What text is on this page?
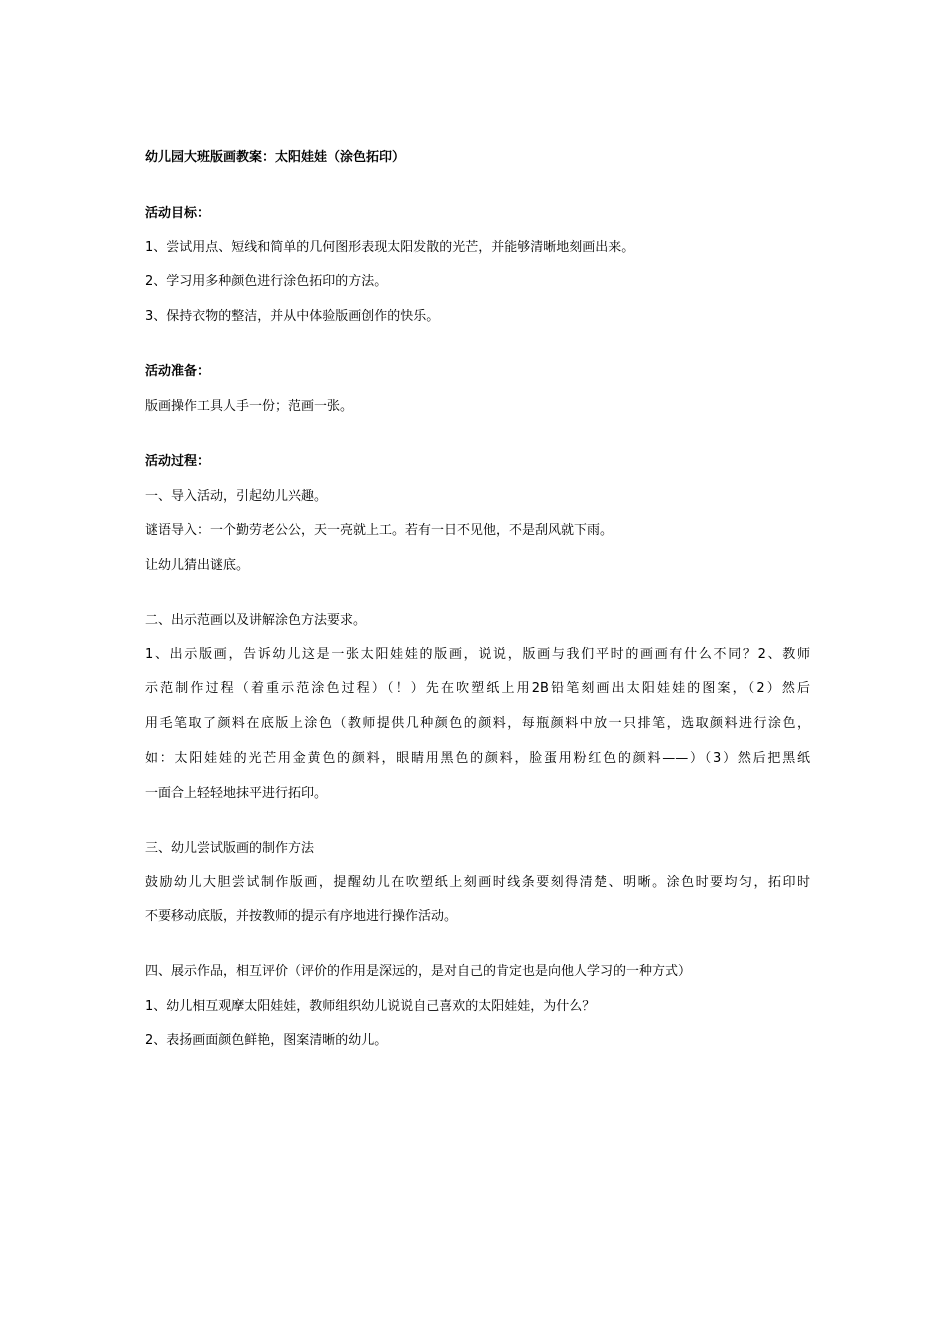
幼儿园大班版画教案：太阳娃娃（涂色拓印）
活动目标：
1、尝试用点、短线和简单的几何图形表现太阳发散的光芒，并能够清晰地刻画出来。
2、学习用多种颜色进行涂色拓印的方法。
3、保持衣物的整洁，并从中体验版画创作的快乐。
活动准备：
版画操作工具人手一份；范画一张。
活动过程：
一、导入活动，引起幼儿兴趣。
谜语导入：一个勤劳老公公，天一亮就上工。若有一日不见他，不是刮风就下雨。
让幼儿猜出谜底。
二、出示范画以及讲解涂色方法要求。
1、出示版画，告诉幼儿这是一张太阳娃娃的版画，说说，版画与我们平时的画画有什么不同？2、教师
示范制作过程（着重示范涂色过程）（！）先在吹塑纸上用2B铅笔刻画出太阳娃娃的图案，（2）然后
用毛笔取了颜料在底版上涂色（教师提供几种颜色的颜料，每瓶颜料中放一只排笔，选取颜料进行涂色，
如：太阳娃娃的光芒用金黄色的颜料，眼睛用黑色的颜料，脸蛋用粉红色的颜料——）（3）然后把黑纸
一面合上轻轻地抹平进行拓印。
三、幼儿尝试版画的制作方法
鼓励幼儿大胆尝试制作版画，提醒幼儿在吹塑纸上刻画时线条要刻得清楚、明晰。涂色时要均匀，拓印时
不要移动底版，并按教师的提示有序地进行操作活动。
四、展示作品，相互评价（评价的作用是深远的，是对自己的肯定也是向他人学习的一种方式）
1、幼儿相互观摩太阳娃娃，教师组织幼儿说说自己喜欢的太阳娃娃，为什么？
2、表扬画面颜色鲜艳，图案清晰的幼儿。
